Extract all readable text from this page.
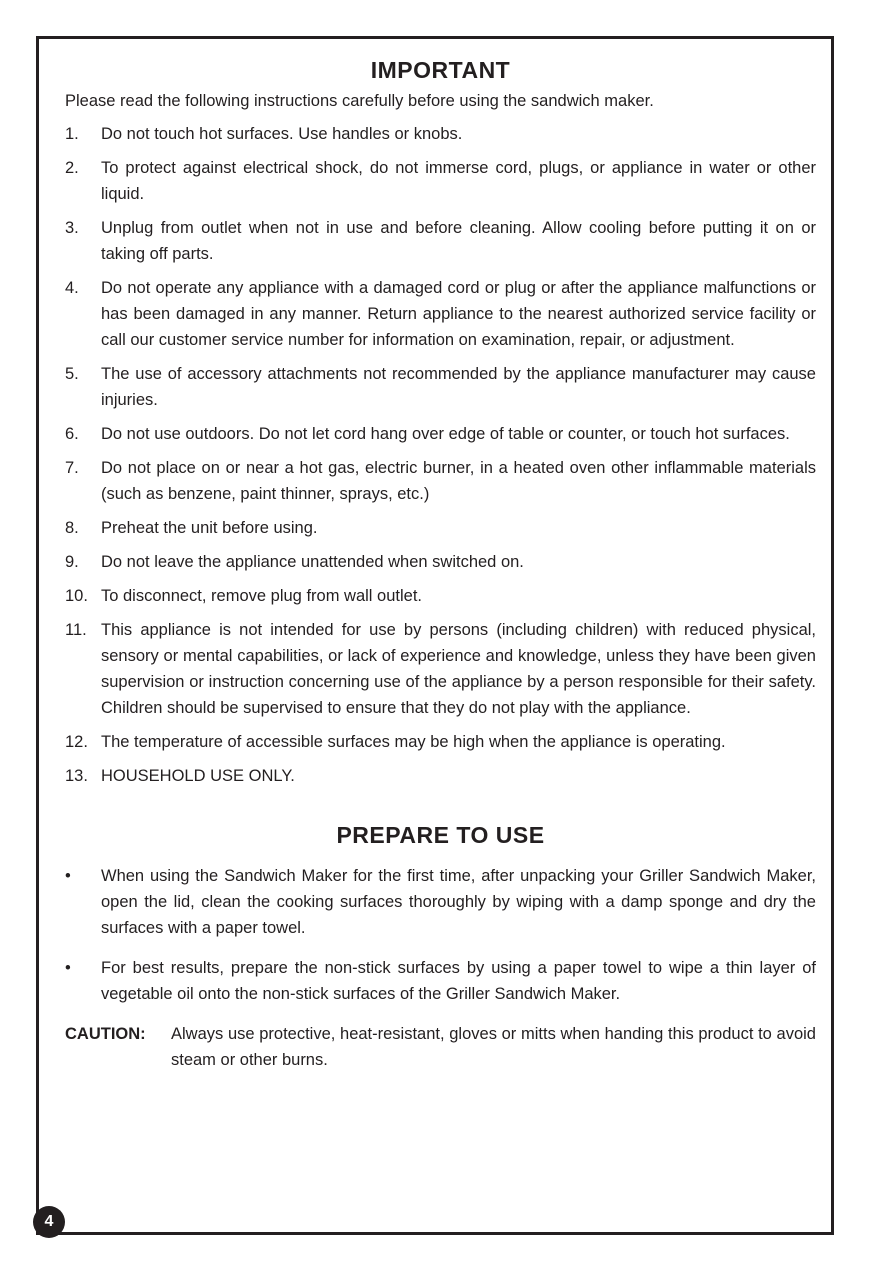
IMPORTANT

Please read the following instructions carefully before using the sandwich maker.

1.	Do not touch hot surfaces. Use handles or knobs.
2.	To protect against electrical shock, do not immerse cord, plugs, or appliance in water or other liquid.
3.	Unplug from outlet when not in use and before cleaning. Allow cooling before putting it on or taking off parts.
4.	Do not operate any appliance with a damaged cord or plug or after the appliance malfunctions or has been damaged in any manner. Return appliance to the nearest authorized service facility or call our customer service number for information on examination, repair, or adjustment.
5.	The use of accessory attachments not recommended by the appliance manufacturer may cause injuries.
6.	Do not use outdoors. Do not let cord hang over edge of table or counter, or touch hot surfaces.
7.	Do not place on or near a hot gas, electric burner, in a heated oven other inflammable materials (such as benzene, paint thinner, sprays, etc.)
8.	Preheat the unit before using.
9.	Do not leave the appliance unattended when switched on.
10. To disconnect, remove plug from wall outlet.
11. This appliance is not intended for use by persons (including children) with reduced physical, sensory or mental capabilities, or lack of experience and knowledge, unless they have been given supervision or instruction concerning use of the appliance by a person responsible for their safety. Children should be supervised to ensure that they do not play with the appliance.
12. The temperature of accessible surfaces may be high when the appliance is operating.
13. HOUSEHOLD USE ONLY.
PREPARE TO USE
•	When using the Sandwich Maker for the first time, after unpacking your Griller Sandwich Maker, open the lid, clean the cooking surfaces thoroughly by wiping with a damp sponge and dry the surfaces with a paper towel.
•	For best results, prepare the non-stick surfaces by using a paper towel to wipe a thin layer of vegetable oil onto the non-stick surfaces of the Griller Sandwich Maker.
CAUTION:	Always use protective, heat-resistant, gloves or mitts when handing this product to avoid steam or other burns.
4
